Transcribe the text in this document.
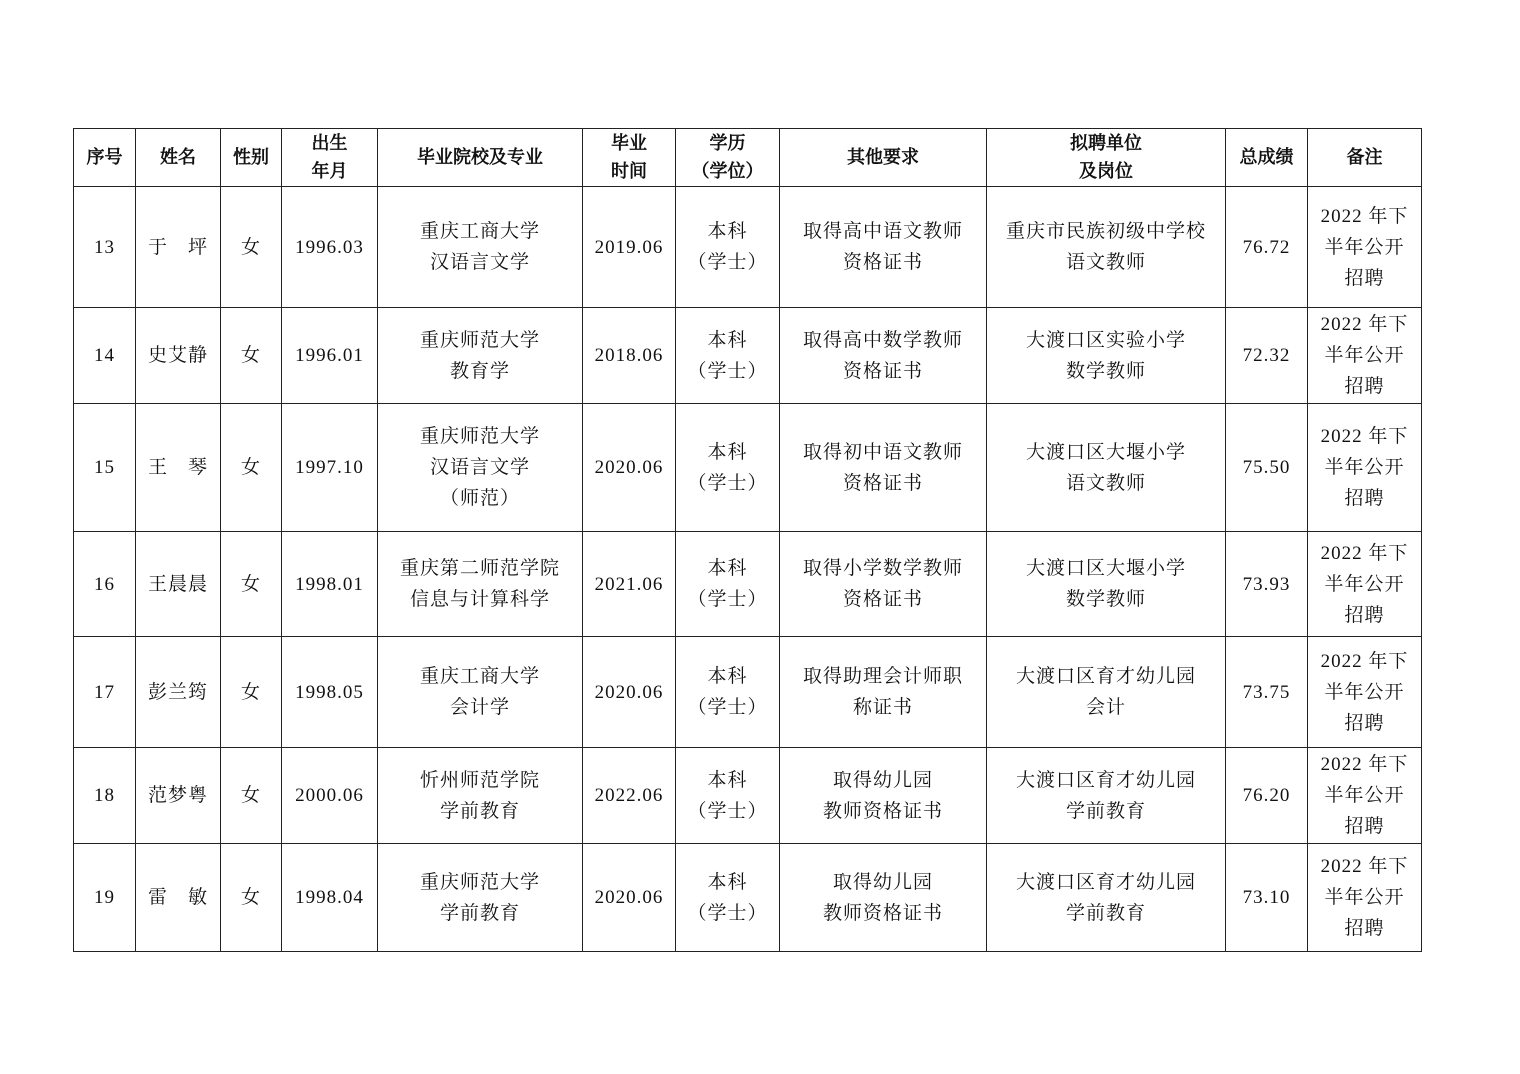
序号	姓名	性别	出生
年月	毕业院校及专业	毕业
时间	学历
（学位）	其他要求	拟聘单位
及岗位	总成绩	备注

13	于　坪	女	1996.03	重庆工商大学
汉语言文学	2019.06	本科
（学士）	取得高中语文教师
资格证书	重庆市民族初级中学校
语文教师	76.72	2022 年下
半年公开
招聘

14	史艾静	女	1996.01	重庆师范大学
教育学	2018.06	本科
（学士）	取得高中数学教师
资格证书	大渡口区实验小学
数学教师	72.32	2022 年下
半年公开
招聘

15	王　琴	女	1997.10	重庆师范大学
汉语言文学
（师范）	2020.06	本科
（学士）	取得初中语文教师
资格证书	大渡口区大堰小学
语文教师	75.50	2022 年下
半年公开
招聘

16	王晨晨	女	1998.01	重庆第二师范学院
信息与计算科学	2021.06	本科
（学士）	取得小学数学教师
资格证书	大渡口区大堰小学
数学教师	73.93	2022 年下
半年公开
招聘

17	彭兰筠	女	1998.05	重庆工商大学
会计学	2020.06	本科
（学士）	取得助理会计师职
称证书	大渡口区育才幼儿园
会计	73.75	2022 年下
半年公开
招聘

18	范梦粤	女	2000.06	忻州师范学院
学前教育	2022.06	本科
（学士）	取得幼儿园
教师资格证书	大渡口区育才幼儿园
学前教育	76.20	2022 年下
半年公开
招聘

19	雷　敏	女	1998.04	重庆师范大学
学前教育	2020.06	本科
（学士）	取得幼儿园
教师资格证书	大渡口区育才幼儿园
学前教育	73.10	2022 年下
半年公开
招聘
